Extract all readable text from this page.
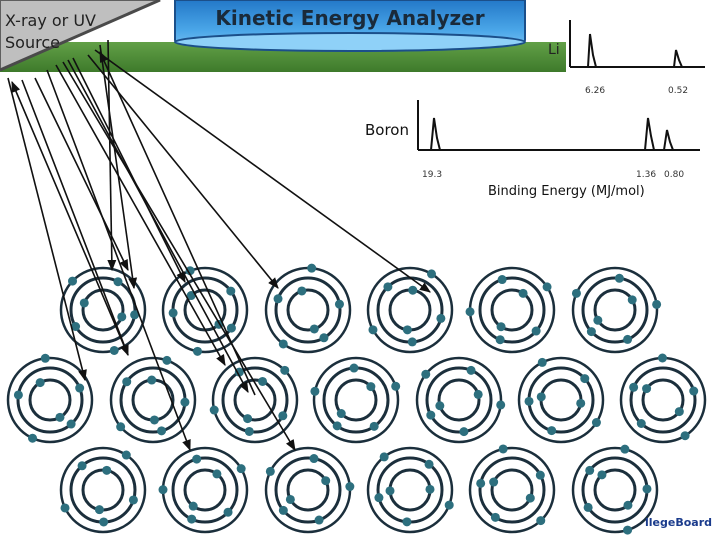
5+	5+	5+	5+	5+	5+
5+	5+	5+	5+	5+	5+	5+
5+	5+	5+	5+	5+	5+
X-ray or UV
Source
Kinetic Energy Analyzer
Li
6.26	0.52
Boron
19.3	1.36 0.80
Binding Energy (MJ/mol)
llegeBoard
